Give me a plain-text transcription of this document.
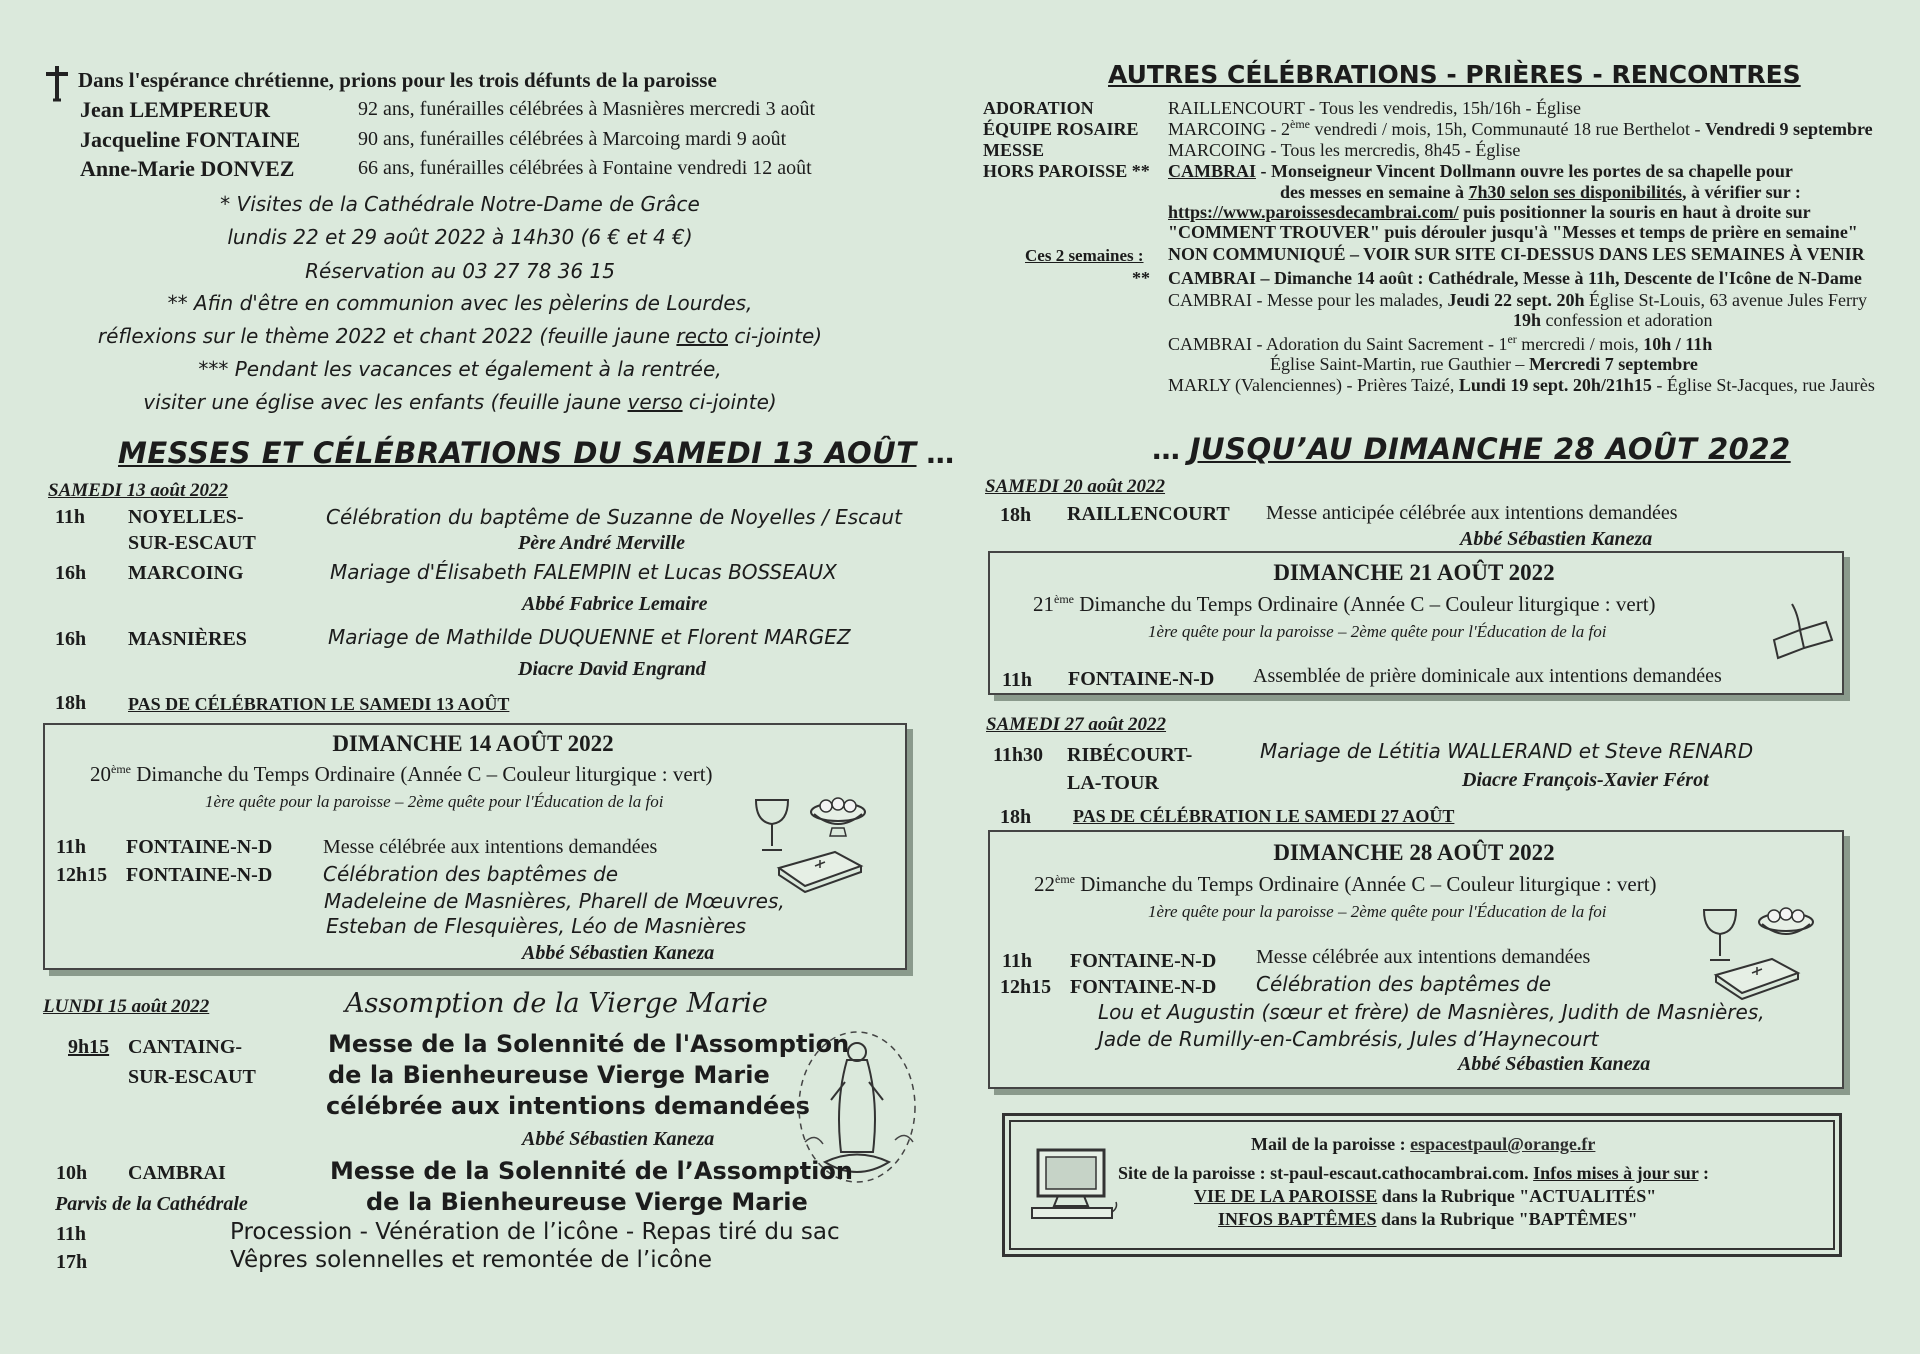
Dans l'espérance chrétienne, prions pour les trois défunts de la paroisse
Jean LEMPEREUR	92 ans, funérailles célébrées à Masnières mercredi 3 août
Jacqueline FONTAINE	90 ans, funérailles célébrées à Marcoing mardi 9 août
Anne-Marie DONVEZ	66 ans, funérailles célébrées à Fontaine vendredi 12 août
* Visites de la Cathédrale Notre-Dame de Grâce
lundis 22 et 29 août 2022 à 14h30 (6 € et 4 €)
Réservation au 03 27 78 36 15
** Afin d'être en communion avec les pèlerins de Lourdes,
réflexions sur le thème 2022 et chant 2022 (feuille jaune recto ci-jointe)
*** Pendant les vacances et également à la rentrée,
visiter une église avec les enfants (feuille jaune verso ci-jointe)
MESSES ET CÉLÉBRATIONS DU SAMEDI 13 AOÛT …
SAMEDI 13 août 2022
11h NOYELLES-
SUR-ESCAUT
Célébration du baptême de Suzanne de Noyelles / Escaut
Père André Merville
16h MARCOING	Mariage d'Élisabeth FALEMPIN et Lucas BOSSEAUX
Abbé Fabrice Lemaire
16h MASNIÈRES	Mariage de Mathilde DUQUENNE et Florent MARGEZ
Diacre David Engrand
18h PAS DE CÉLÉBRATION LE SAMEDI 13 AOÛT
DIMANCHE 14 AOÛT 2022
20ème Dimanche du Temps Ordinaire (Année C – Couleur liturgique : vert)
1ère quête pour la paroisse – 2ème quête pour l'Éducation de la foi
11h FONTAINE-N-D	Messe célébrée aux intentions demandées
12h15 FONTAINE-N-D	Célébration des baptêmes de
Madeleine de Masnières, Pharell de Mœuvres,
Esteban de Flesquières, Léo de Masnières
Abbé Sébastien Kaneza
LUNDI 15 août 2022	Assomption de la Vierge Marie
9h15 CANTAING-
SUR-ESCAUT
Messe de la Solennité de l'Assomption
de la Bienheureuse Vierge Marie
célébrée aux intentions demandées
Abbé Sébastien Kaneza
10h CAMBRAI
Parvis de la Cathédrale
Messe de la Solennité de l’Assomption
de la Bienheureuse Vierge Marie
11h	Procession - Vénération de l’icône - Repas tiré du sac
17h	Vêpres solennelles et remontée de l’icône
AUTRES CÉLÉBRATIONS - PRIÈRES - RENCONTRES
ADORATION	RAILLENCOURT - Tous les vendredis, 15h/16h - Église
ÉQUIPE ROSAIRE MARCOING - 2ème vendredi / mois, 15h, Communauté 18 rue Berthelot - Vendredi 9 septembre
MESSE	MARCOING - Tous les mercredis, 8h45 - Église
HORS PAROISSE ** CAMBRAI - Monseigneur Vincent Dollmann ouvre les portes de sa chapelle pour
des messes en semaine à 7h30 selon ses disponibilités, à vérifier sur :
https://www.paroissesdecambrai.com/ puis positionner la souris en haut à droite sur
"COMMENT TROUVER" puis dérouler jusqu'à "Messes et temps de prière en semaine"
Ces 2 semaines : NON COMMUNIQUÉ – VOIR SUR SITE CI-DESSUS DANS LES SEMAINES À VENIR
** CAMBRAI – Dimanche 14 août : Cathédrale, Messe à 11h, Descente de l'Icône de N-Dame
CAMBRAI - Messe pour les malades, Jeudi 22 sept. 20h Église St-Louis, 63 avenue Jules Ferry
19h confession et adoration
CAMBRAI - Adoration du Saint Sacrement - 1er mercredi / mois, 10h / 11h
Église Saint-Martin, rue Gauthier – Mercredi 7 septembre
MARLY (Valenciennes) - Prières Taizé, Lundi 19 sept. 20h/21h15 - Église St-Jacques, rue Jaurès
… JUSQU’AU DIMANCHE 28 AOÛT 2022
SAMEDI 20 août 2022
18h RAILLENCOURT Messe anticipée célébrée aux intentions demandées
Abbé Sébastien Kaneza
DIMANCHE 21 AOÛT 2022
21ème Dimanche du Temps Ordinaire (Année C – Couleur liturgique : vert)
1ère quête pour la paroisse – 2ème quête pour l'Éducation de la foi
11h FONTAINE-N-D Assemblée de prière dominicale aux intentions demandées
SAMEDI 27 août 2022
11h30 RIBÉCOURT-
LA-TOUR
Mariage de Létitia WALLERAND et Steve RENARD
Diacre François-Xavier Férot
18h PAS DE CÉLÉBRATION LE SAMEDI 27 AOÛT
DIMANCHE 28 AOÛT 2022
22ème Dimanche du Temps Ordinaire (Année C – Couleur liturgique : vert)
1ère quête pour la paroisse – 2ème quête pour l'Éducation de la foi
11h FONTAINE-N-D Messe célébrée aux intentions demandées
12h15 FONTAINE-N-D Célébration des baptêmes de
Lou et Augustin (sœur et frère) de Masnières, Judith de Masnières,
Jade de Rumilly-en-Cambrésis, Jules d’Haynecourt
Abbé Sébastien Kaneza
Mail de la paroisse : espacestpaul@orange.fr
Site de la paroisse : st-paul-escaut.cathocambrai.com. Infos mises à jour sur :
VIE DE LA PAROISSE dans la Rubrique "ACTUALITÉS"
INFOS BAPTÊMES dans la Rubrique "BAPTÊMES"
